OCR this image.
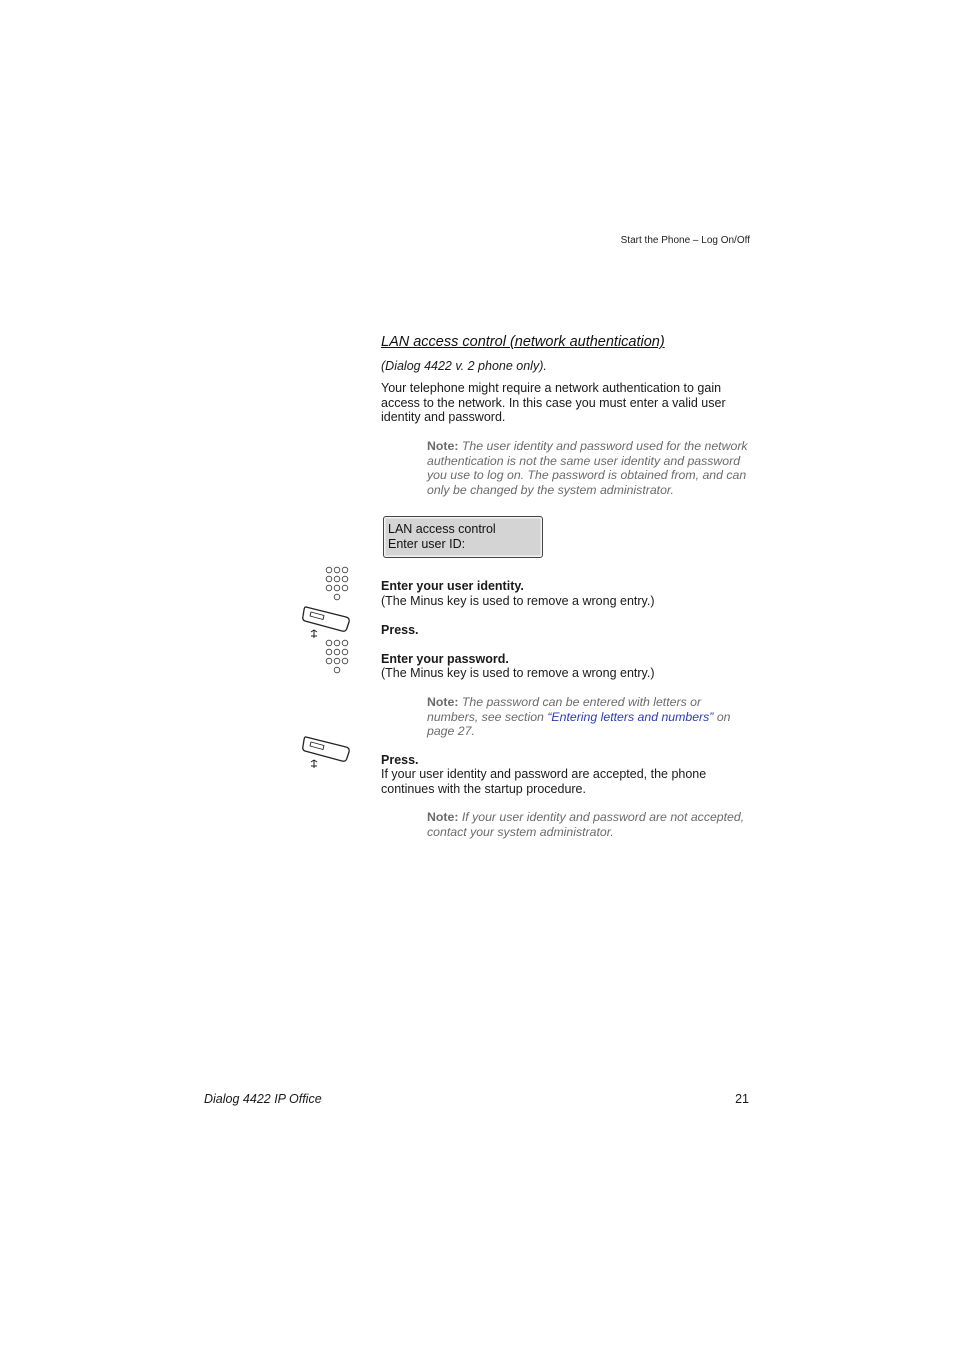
Start the Phone – Log On/Off
LAN access control (network authentication)
(Dialog 4422 v. 2 phone only).
Your telephone might require a network authentication to gain access to the network. In this case you must enter a valid user identity and password.
Note: The user identity and password used for the network authentication is not the same user identity and password you use to log on. The password is obtained from, and can only be changed by the system administrator.
LAN access control
Enter user ID:
Enter your user identity.
(The Minus key is used to remove a wrong entry.)
Press.
Enter your password.
(The Minus key is used to remove a wrong entry.)
Note: The password can be entered with letters or numbers, see section “Entering letters and numbers” on page 27.
Press.
If your user identity and password are accepted, the phone continues with the startup procedure.
Note: If your user identity and password are not accepted, contact your system administrator.
Dialog 4422 IP Office	21
